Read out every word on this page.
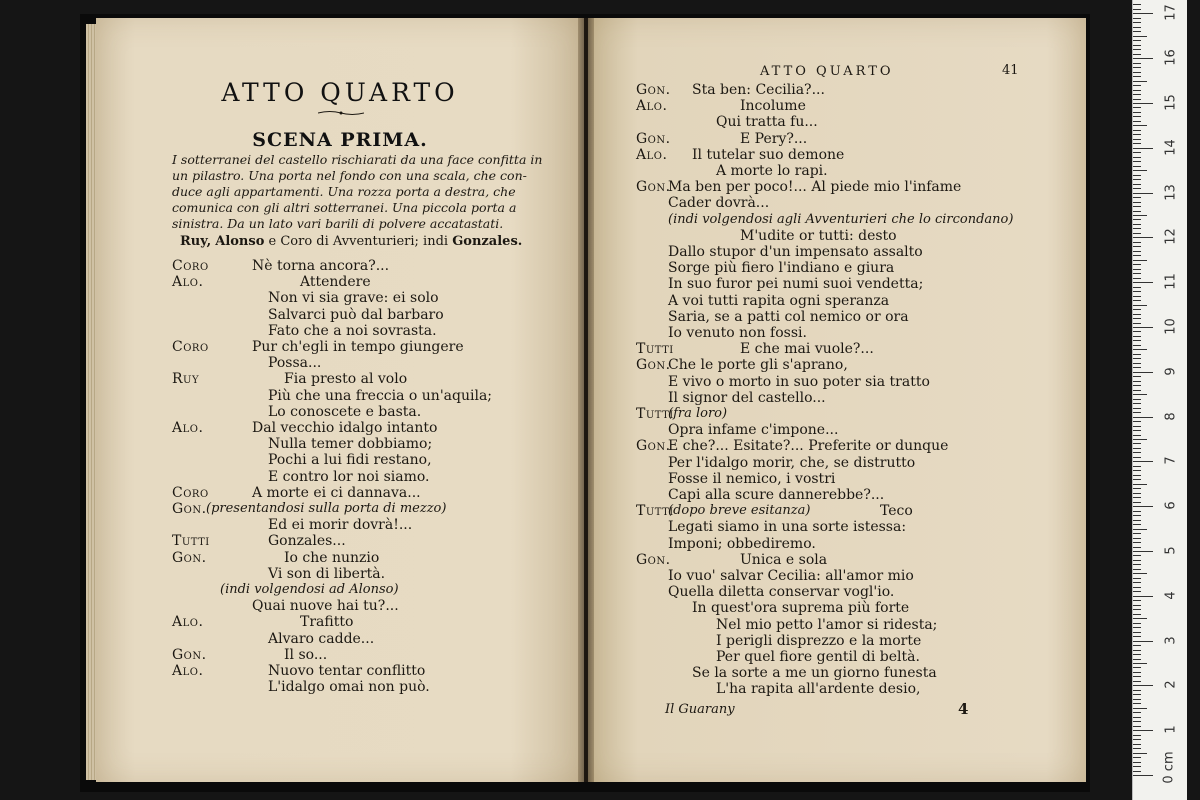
ATTO QUARTO
SCENA PRIMA.
I sotterranei del castello rischiarati da una face confitta in
un pilastro. Una porta nel fondo con una scala, che con-
duce agli appartamenti. Una rozza porta a destra, che
comunica con gli altri sotterranei. Una piccola porta a
sinistra. Da un lato vari barili di polvere accatastati.
Ruy, Alonso e Coro di Avventurieri; indi Gonzales.
Coro	Nè torna ancora?...
Alo.	Attendere
Non vi sia grave: ei solo
Salvarci può dal barbaro
Fato che a noi sovrasta.
Coro	Pur ch'egli in tempo giungere
Possa...
Ruy	Fia presto al volo
Più che una freccia o un'aquila;
Lo conoscete e basta.
Alo.	Dal vecchio idalgo intanto
Nulla temer dobbiamo;
Pochi a lui fidi restano,
E contro lor noi siamo.
Coro	A morte ei ci dannava...
Gon. (presentandosi sulla porta di mezzo)
Ed ei morir dovrà!...
Tutti	Gonzales...
Gon.	Io che nunzio
Vi son di libertà.
(indi volgendosi ad Alonso)
Quai nuove hai tu?...
Alo.	Trafitto
Alvaro cadde...
Gon.	Il so...
Alo.	Nuovo tentar conflitto
L'idalgo omai non può.
ATTO QUARTO	41
Gon. Sta ben: Cecilia?...
Alo.	Incolume
Qui tratta fu...
Gon.	E Pery?...
Alo. Il tutelar suo demone
A morte lo rapi.
Gon.
Ma ben per poco!... Al piede mio l'infame
Cader dovrà...
(indi volgendosi agli Avventurieri che lo circondano)
M'udite or tutti: desto
Dallo stupor d'un impensato assalto
Sorge più fiero l'indiano e giura
In suo furor pei numi suoi vendetta;
A voi tutti rapita ogni speranza
Saria, se a patti col nemico or ora
Io venuto non fossi.
Tutti	E che mai vuole?...
Gon.
Che le porte gli s'aprano,
E vivo o morto in suo poter sia tratto
Il signor del castello...
Tutti
(fra loro)
Opra infame c'impone...
Gon.
E che?... Esitate?... Preferite or dunque
Per l'idalgo morir, che, se distrutto
Fosse il nemico, i vostri
Capi alla scure dannerebbe?...
Tutti
(dopo breve esitanza)	Teco
Legati siamo in una sorte istessa:
Imponi; obbediremo.
Gon.	Unica e sola
Io vuo' salvar Cecilia: all'amor mio
Quella diletta conservar vogl'io.
In quest'ora suprema più forte
Nel mio petto l'amor si ridesta;
I perigli disprezzo e la morte
Per quel fiore gentil di beltà.
Se la sorte a me un giorno funesta
L'ha rapita all'ardente desio,
Il Guarany	4
0 cm
1
2
3
4
5
6
7
8
9
10
11
12
13
14
15
16
17
